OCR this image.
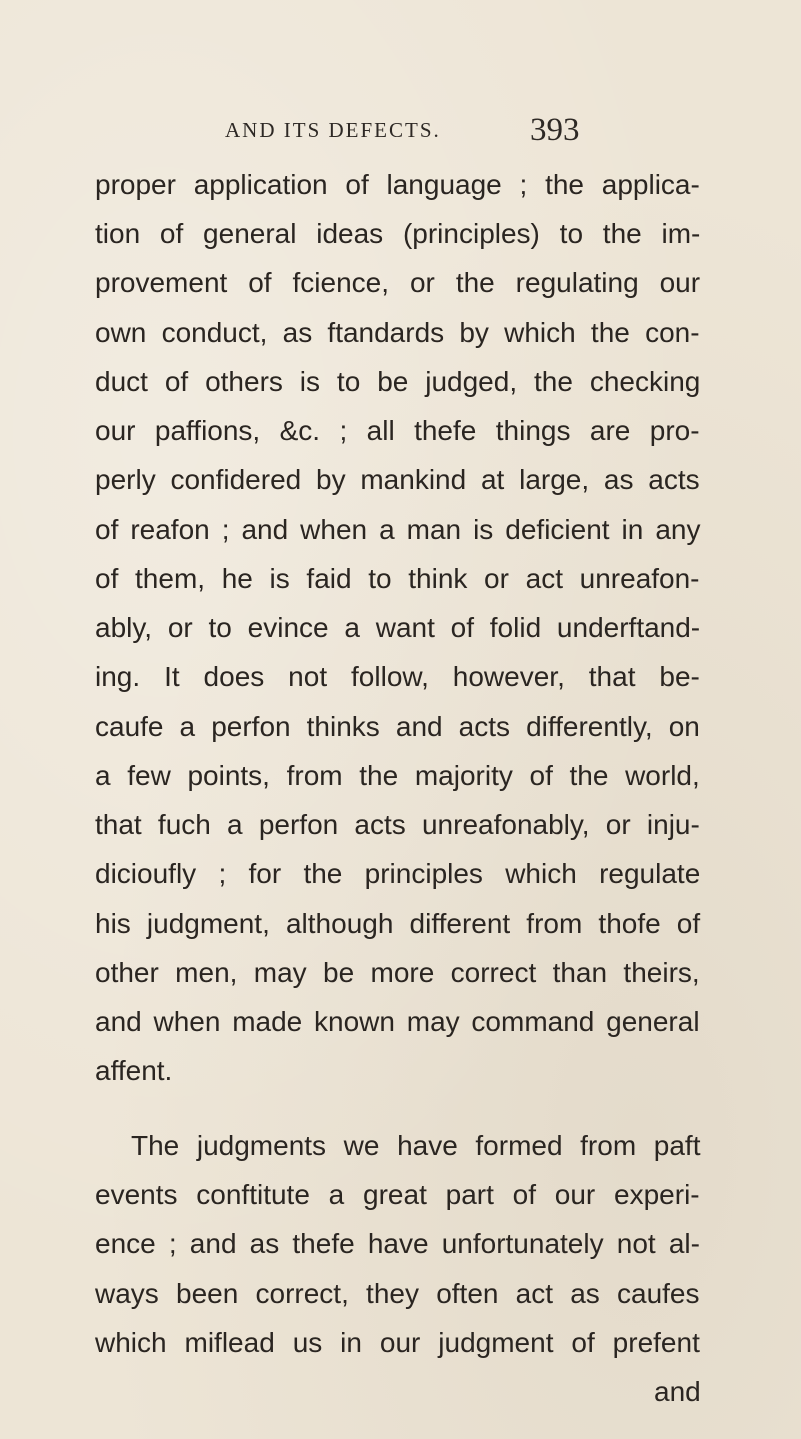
AND ITS DEFECTS.	393
proper application of language ; the applica-
tion of general ideas (principles) to the im-
provement of fcience, or the regulating our
own conduct, as ftandards by which the con-
duct of others is to be judged, the checking
our paffions, &c. ; all thefe things are pro-
perly confidered by mankind at large, as acts
of reafon ; and when a man is deficient in any
of them, he is faid to think or act unreafon-
ably, or to evince a want of folid underftand-
ing. It does not follow, however, that be-
caufe a perfon thinks and acts differently, on
a few points, from the majority of the world,
that fuch a perfon acts unreafonably, or inju-
dicioufly ; for the principles which regulate
his judgment, although different from thofe of
other men, may be more correct than theirs,
and when made known may command general
affent.
The judgments we have formed from paft
events conftitute a great part of our experi-
ence ; and as thefe have unfortunately not al-
ways been correct, they often act as caufes
which miflead us in our judgment of prefent
and
